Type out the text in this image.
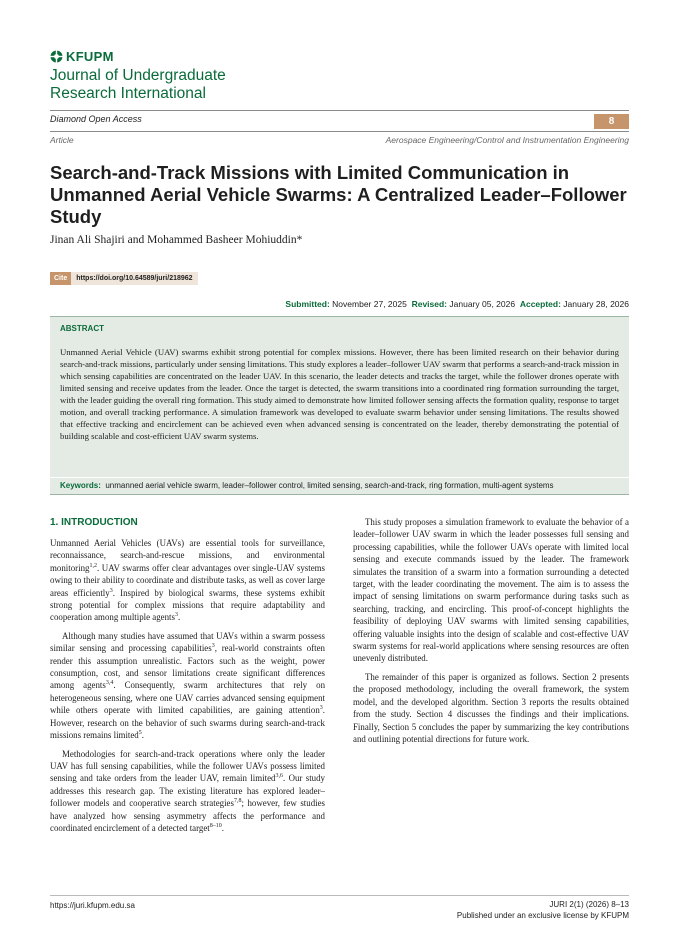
KFUPM
Journal of Undergraduate
Research International
Diamond Open Access	8
Article	Aerospace Engineering/Control and Instrumentation Engineering
Search-and-Track Missions with Limited Communication in Unmanned Aerial Vehicle Swarms: A Centralized Leader–Follower Study
Jinan Ali Shajiri and Mohammed Basheer Mohiuddin*
Cite	https://doi.org/10.64589/juri/218962
Submitted: November 27, 2025 Revised: January 05, 2026 Accepted: January 28, 2026
ABSTRACT
Unmanned Aerial Vehicle (UAV) swarms exhibit strong potential for complex missions. However, there has been limited research on their behavior during search-and-track missions, particularly under sensing limitations. This study explores a leader–follower UAV swarm that performs a search-and-track mission in which sensing capabilities are concentrated on the leader UAV. In this scenario, the leader detects and tracks the target, while the follower drones operate with limited sensing and receive updates from the leader. Once the target is detected, the swarm transitions into a coordinated ring formation surrounding the target, with the leader guiding the overall ring formation. This study aimed to demonstrate how limited follower sensing affects the formation quality, response to target motion, and overall tracking performance. A simulation framework was developed to evaluate swarm behavior under sensing limitations. The results showed that effective tracking and encirclement can be achieved even when advanced sensing is concentrated on the leader, thereby demonstrating the potential of building scalable and cost-efficient UAV swarm systems.
Keywords: unmanned aerial vehicle swarm, leader–follower control, limited sensing, search-and-track, ring formation, multi-agent systems
1. INTRODUCTION

Unmanned Aerial Vehicles (UAVs) are essential tools for surveillance, reconnaissance, search-and-rescue missions, and environmental monitoring$^{1,2}$. UAV swarms offer clear advantages over single-UAV systems owing to their ability to coordinate and distribute tasks, as well as cover large areas efficiently$^3$. Inspired by biological swarms, these systems exhibit strong potential for complex missions that require adaptability and cooperation among multiple agents$^3$.

Although many studies have assumed that UAVs within a swarm possess similar sensing and processing capabilities$^3$, real-world constraints often render this assumption unrealistic. Factors such as the weight, power consumption, cost, and sensor limitations create significant differences among agents$^{3,4}$. Consequently, swarm architectures that rely on heterogeneous sensing, where one UAV carries advanced sensing equipment while others operate with limited capabilities, are gaining attention$^3$. However, research on the behavior of such swarms during search-and-track missions remains limited$^5$.

Methodologies for search-and-track operations where only the leader UAV has full sensing capabilities, while the follower UAVs possess limited sensing and take orders from the leader UAV, remain limited$^{3,6}$. Our study addresses this research gap. The existing literature has explored leader–follower models and cooperative search strategies$^{7,8}$; however, few studies have analyzed how sensing asymmetry affects the performance and coordinated encirclement of a detected target$^{8-10}$.

This study proposes a simulation framework to evaluate the behavior of a leader–follower UAV swarm in which the leader possesses full sensing and processing capabilities, while the follower UAVs operate with limited local sensing and execute commands issued by the leader. The framework simulates the transition of a swarm into a formation surrounding a detected target, with the leader coordinating the movement. The aim is to assess the impact of sensing limitations on swarm performance during tasks such as searching, tracking, and encircling. This proof-of-concept highlights the feasibility of deploying UAV swarms with limited sensing capabilities, offering valuable insights into the design of scalable and cost-effective UAV swarm systems for real-world applications where sensing resources are often unevenly distributed.

The remainder of this paper is organized as follows. Section 2 presents the proposed methodology, including the overall framework, the system model, and the developed algorithm. Section 3 reports the results obtained from the study. Section 4 discusses the findings and their implications. Finally, Section 5 concludes the paper by summarizing the key contributions and outlining potential directions for future work.

https://juri.kfupm.edu.sa	JURI 2(1) (2026) 8–13
Published under an exclusive license by KFUPM
